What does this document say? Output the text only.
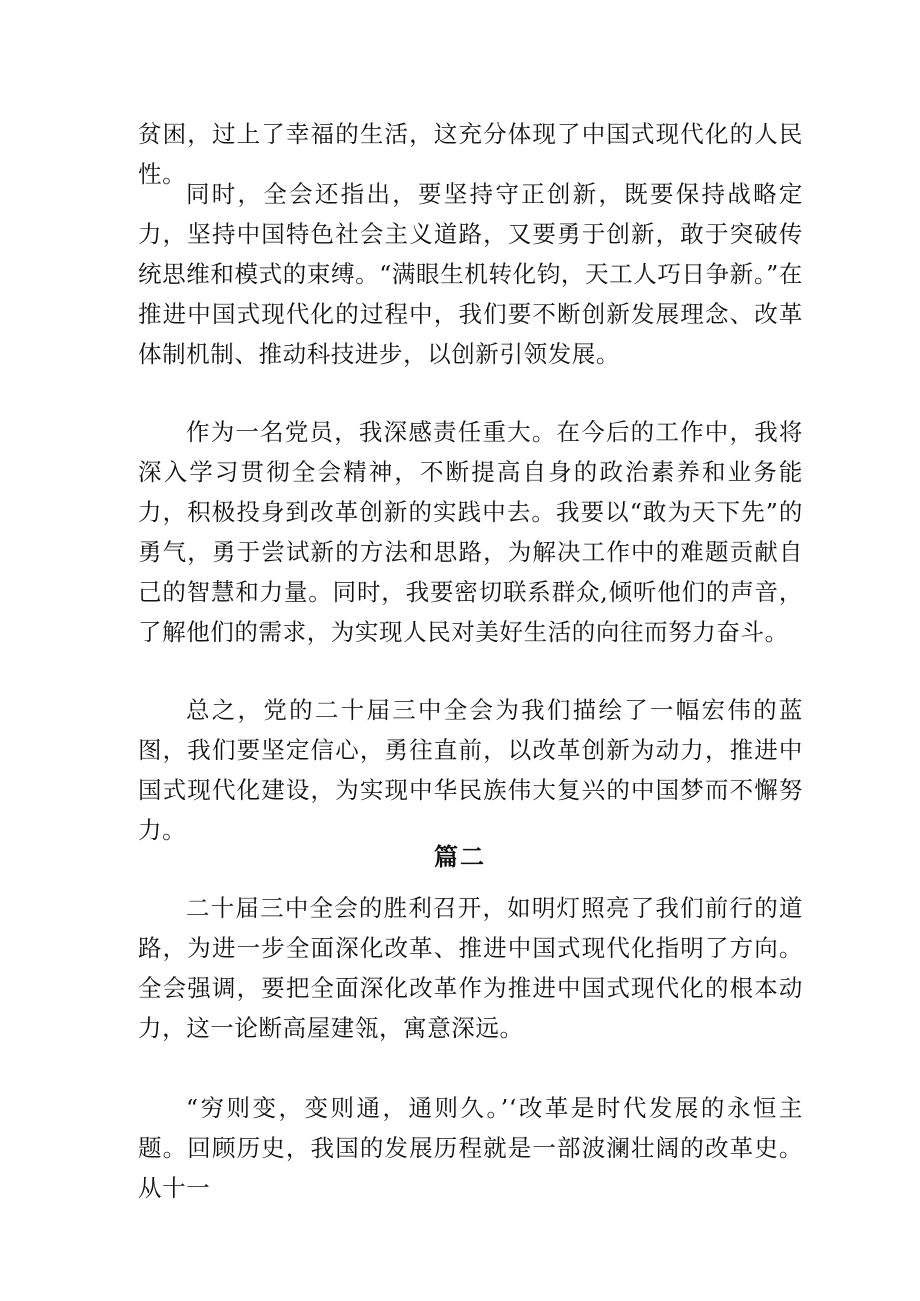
贫困，过上了幸福的生活，这充分体现了中国式现代化的人民性。

同时，全会还指出，要坚持守正创新，既要保持战略定力，坚持中国特色社会主义道路，又要勇于创新，敢于突破传统思维和模式的束缚。“满眼生机转化钧，天工人巧日争新。”在推进中国式现代化的过程中，我们要不断创新发展理念、改革体制机制、推动科技进步，以创新引领发展。

作为一名党员，我深感责任重大。在今后的工作中，我将深入学习贯彻全会精神，不断提高自身的政治素养和业务能力，积极投身到改革创新的实践中去。我要以“敢为天下先”的勇气，勇于尝试新的方法和思路，为解决工作中的难题贡献自己的智慧和力量。同时，我要密切联系群众,倾听他们的声音，了解他们的需求，为实现人民对美好生活的向往而努力奋斗。

总之，党的二十届三中全会为我们描绘了一幅宏伟的蓝图，我们要坚定信心，勇往直前，以改革创新为动力，推进中国式现代化建设，为实现中华民族伟大复兴的中国梦而不懈努力。

篇二

二十届三中全会的胜利召开，如明灯照亮了我们前行的道路，为进一步全面深化改革、推进中国式现代化指明了方向。全会强调，要把全面深化改革作为推进中国式现代化的根本动力，这一论断高屋建瓴，寓意深远。

“穷则变，变则通，通则久。’‘改革是时代发展的永恒主题。回顾历史，我国的发展历程就是一部波澜壮阔的改革史。从十一
